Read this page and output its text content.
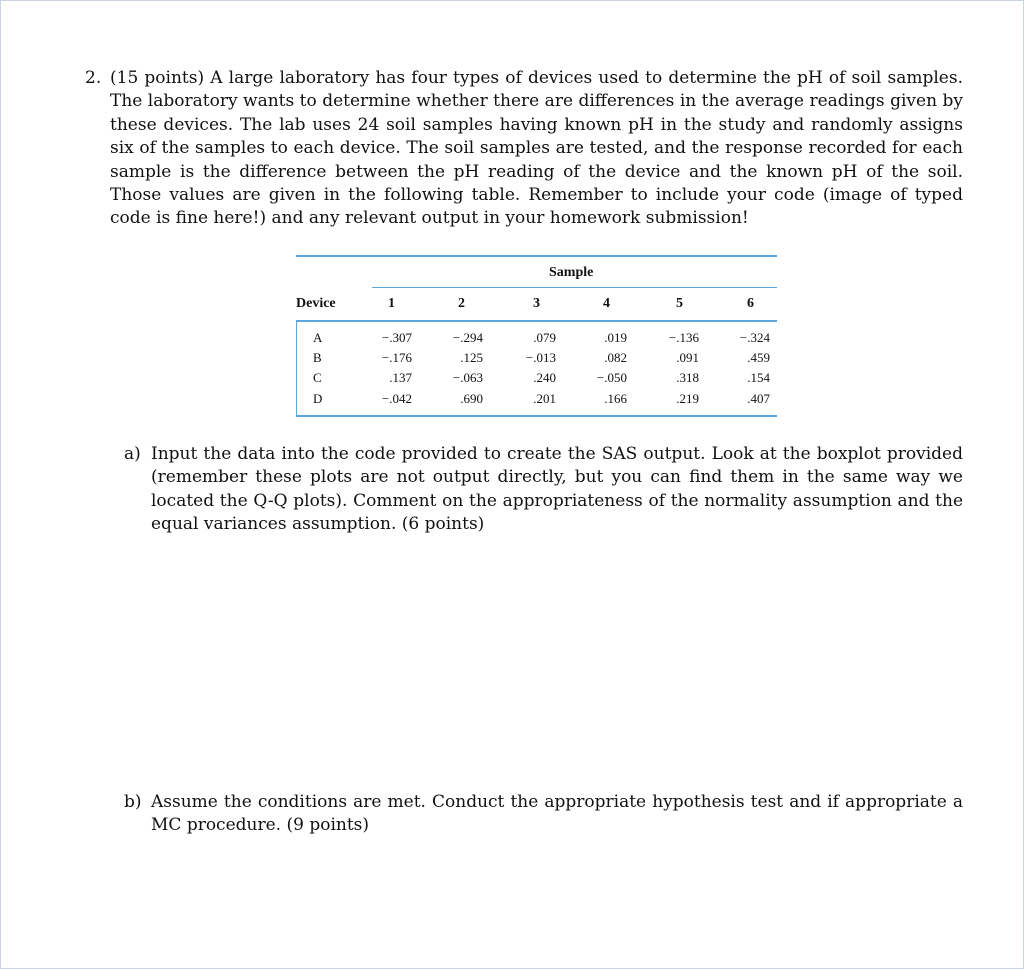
2. (15 points) A large laboratory has four types of devices used to determine the pH of soil samples. The laboratory wants to determine whether there are differences in the average readings given by these devices. The lab uses 24 soil samples having known pH in the study and randomly assigns six of the samples to each device. The soil samples are tested, and the response recorded for each sample is the difference between the pH reading of the device and the known pH of the soil. Those values are given in the following table. Remember to include your code (image of typed code is fine here!) and any relevant output in your homework submission!
Sample
Device	1	2	3	4	5	6
A	−.307	−.294	.079	.019	−.136	−.324
B	−.176	.125	−.013	.082	.091	.459
C	.137	−.063	.240	−.050	.318	.154
D	−.042	.690	.201	.166	.219	.407
a) Input the data into the code provided to create the SAS output. Look at the boxplot provided (remember these plots are not output directly, but you can find them in the same way we located the Q-Q plots). Comment on the appropriateness of the normality assumption and the equal variances assumption. (6 points)
b) Assume the conditions are met. Conduct the appropriate hypothesis test and if appropriate a MC procedure. (9 points)
